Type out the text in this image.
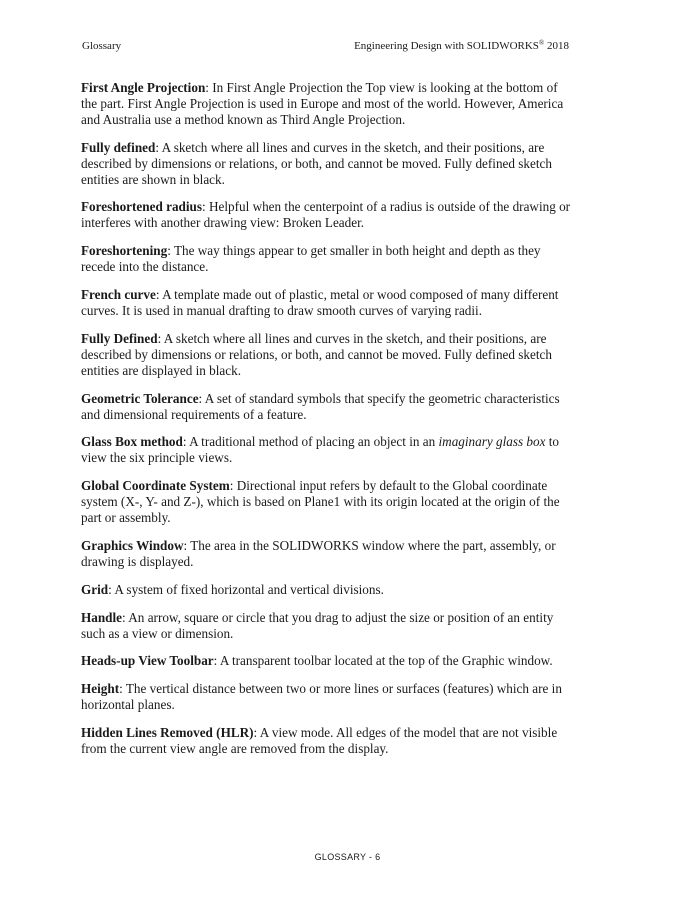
Glossary	Engineering Design with SOLIDWORKS® 2018

First Angle Projection: In First Angle Projection the Top view is looking at the bottom of the part. First Angle Projection is used in Europe and most of the world. However, America and Australia use a method known as Third Angle Projection.

Fully defined: A sketch where all lines and curves in the sketch, and their positions, are described by dimensions or relations, or both, and cannot be moved. Fully defined sketch entities are shown in black.

Foreshortened radius: Helpful when the centerpoint of a radius is outside of the drawing or interferes with another drawing view: Broken Leader.

Foreshortening: The way things appear to get smaller in both height and depth as they recede into the distance.

French curve: A template made out of plastic, metal or wood composed of many different curves. It is used in manual drafting to draw smooth curves of varying radii.

Fully Defined: A sketch where all lines and curves in the sketch, and their positions, are described by dimensions or relations, or both, and cannot be moved. Fully defined sketch entities are displayed in black.

Geometric Tolerance: A set of standard symbols that specify the geometric characteristics and dimensional requirements of a feature.

Glass Box method: A traditional method of placing an object in an imaginary glass box to view the six principle views.

Global Coordinate System: Directional input refers by default to the Global coordinate system (X-, Y- and Z-), which is based on Plane1 with its origin located at the origin of the part or assembly.

Graphics Window: The area in the SOLIDWORKS window where the part, assembly, or drawing is displayed.

Grid: A system of fixed horizontal and vertical divisions.

Handle: An arrow, square or circle that you drag to adjust the size or position of an entity such as a view or dimension.

Heads-up View Toolbar: A transparent toolbar located at the top of the Graphic window.

Height: The vertical distance between two or more lines or surfaces (features) which are in horizontal planes.

Hidden Lines Removed (HLR): A view mode. All edges of the model that are not visible from the current view angle are removed from the display.

GLOSSARY - 6
